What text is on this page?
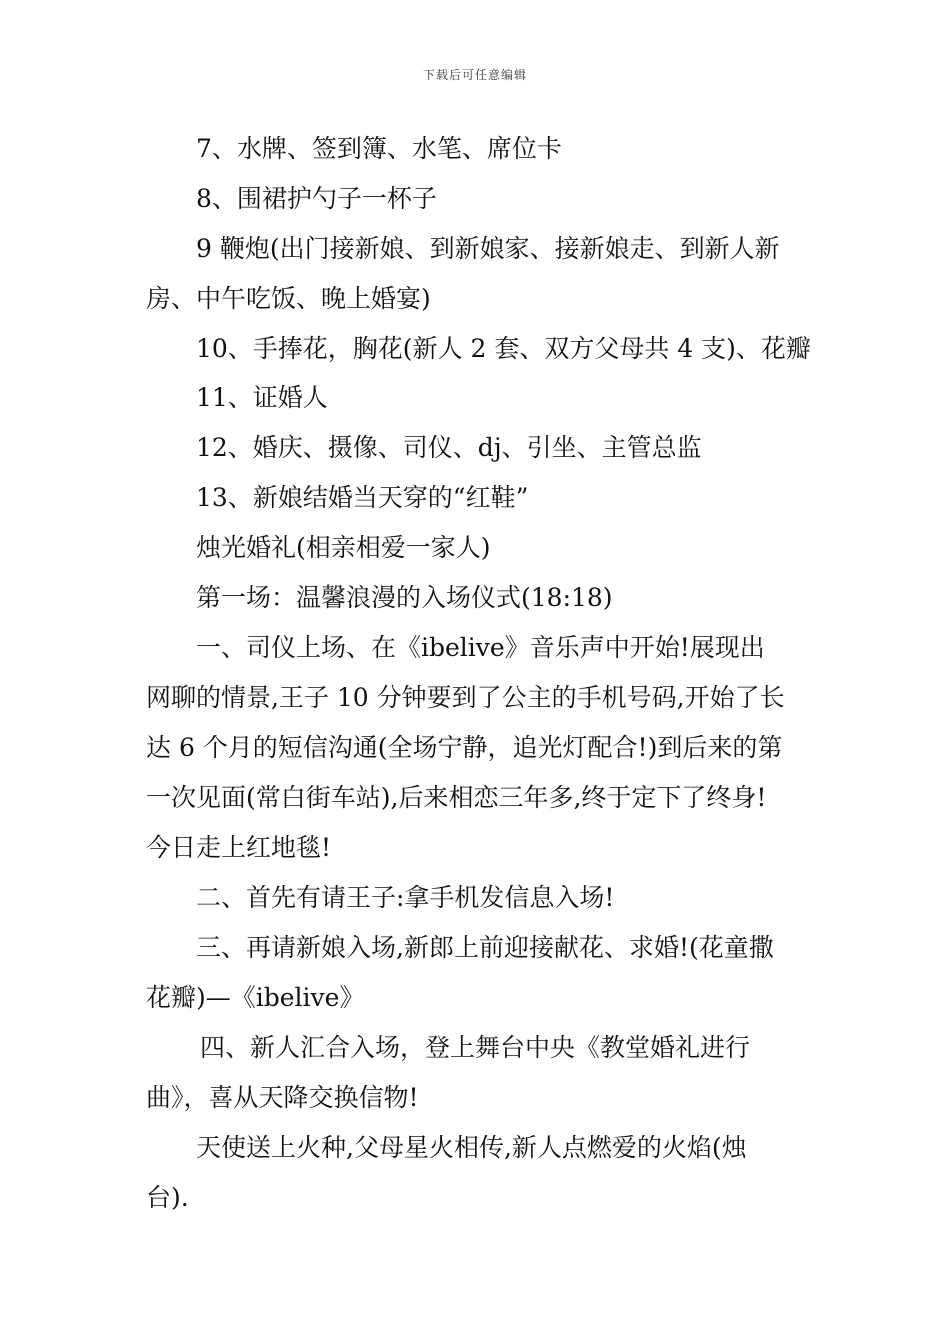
下载后可任意编辑
7、水牌、签到簿、水笔、席位卡
8、围裙护勺子一杯子
9 鞭炮(出门接新娘、到新娘家、接新娘走、到新人新
房、中午吃饭、晚上婚宴)
10、手捧花，胸花(新人 2 套、双方父母共 4 支)、花瓣
11、证婚人
12、婚庆、摄像、司仪、dj、引坐、主管总监
13、新娘结婚当天穿的“红鞋”
烛光婚礼(相亲相爱一家人)
第一场：温馨浪漫的入场仪式(18:18)
一、司仪上场、在《ibelive》音乐声中开始!展现出
网聊的情景,王子 10 分钟要到了公主的手机号码,开始了长
达 6 个月的短信沟通(全场宁静，追光灯配合!)到后来的第
一次见面(常白街车站),后来相恋三年多,终于定下了终身!
今日走上红地毯!
二、首先有请王子:拿手机发信息入场!
三、再请新娘入场,新郎上前迎接献花、求婚!(花童撒
花瓣)—《ibelive》
四、新人汇合入场，登上舞台中央《教堂婚礼进行
曲》，喜从天降交换信物!
天使送上火种,父母星火相传,新人点燃爱的火焰(烛
台).
